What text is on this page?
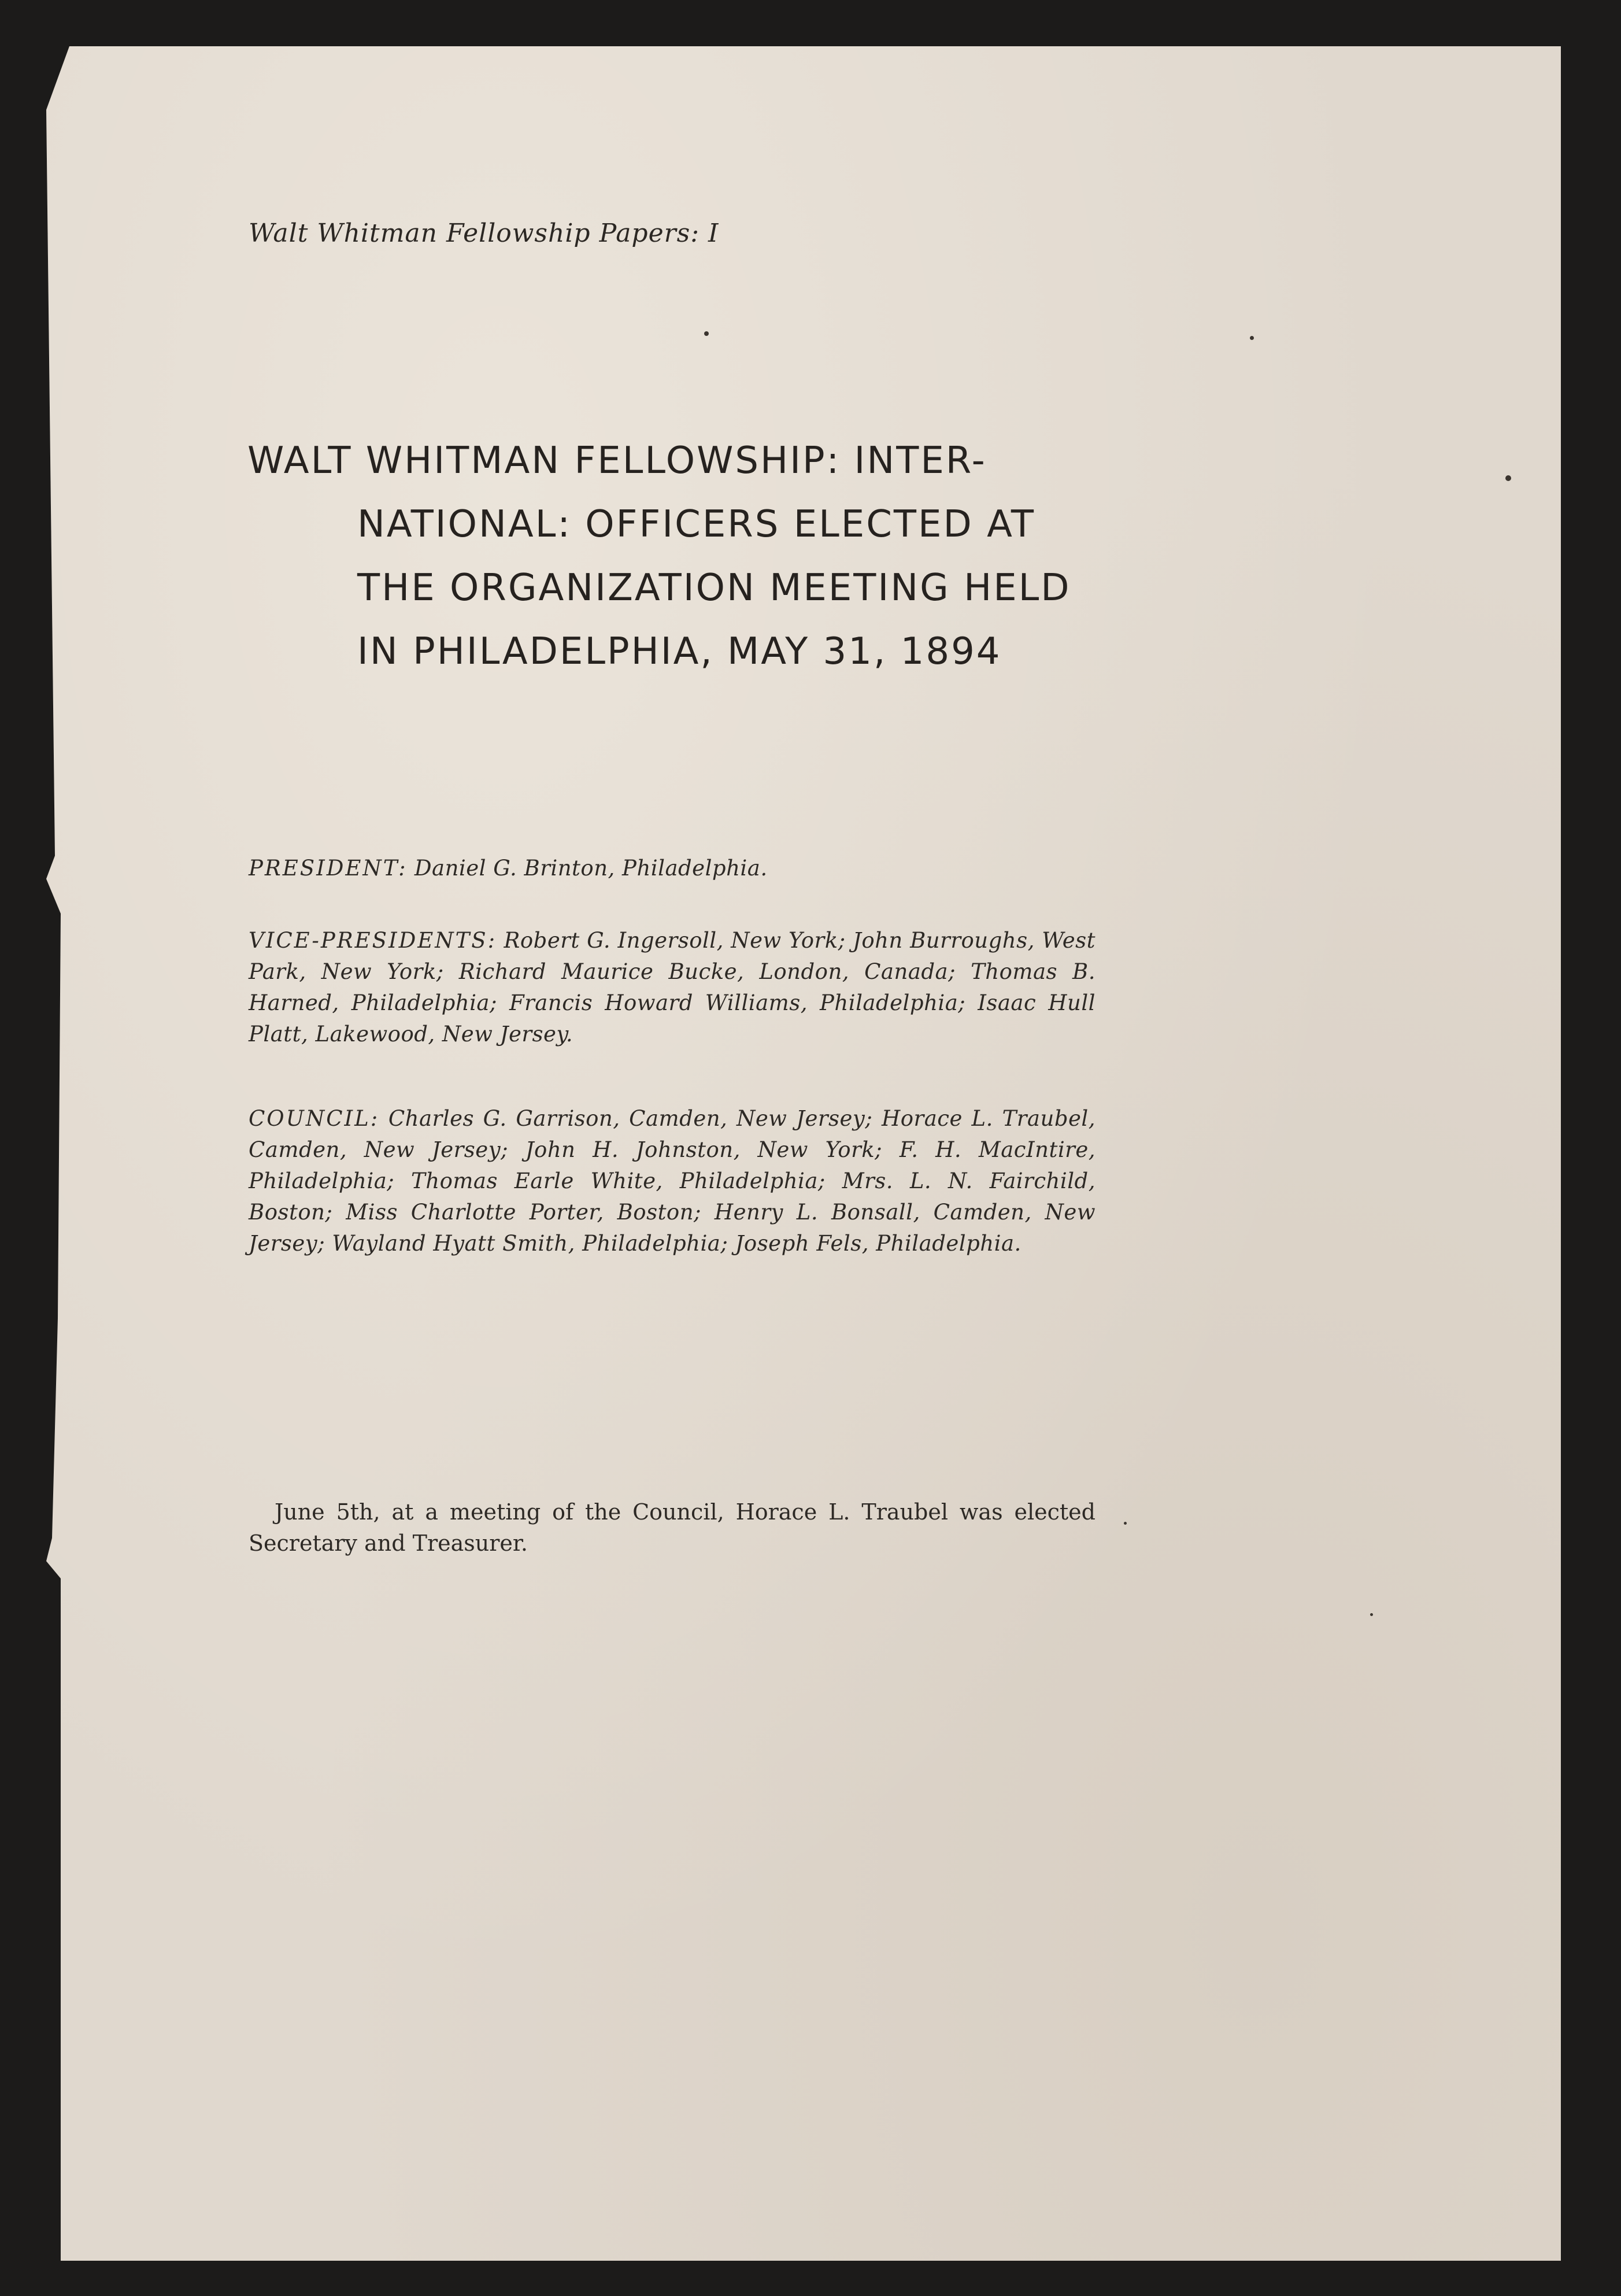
Walt Whitman Fellowship Papers: I
WALT WHITMAN FELLOWSHIP: INTER-
NATIONAL: OFFICERS ELECTED AT
THE ORGANIZATION MEETING HELD
IN PHILADELPHIA, MAY 31, 1894
PRESIDENT: Daniel G. Brinton, Philadelphia.
VICE-PRESIDENTS: Robert G. Ingersoll, New York; John Burroughs, West Park, New York; Richard Maurice Bucke, London, Canada; Thomas B. Harned, Philadelphia; Francis Howard Williams, Philadelphia; Isaac Hull Platt, Lakewood, New Jersey.
COUNCIL: Charles G. Garrison, Camden, New Jersey; Horace L. Traubel, Camden, New Jersey; John H. Johnston, New York; F. H. MacIntire, Philadelphia; Thomas Earle White, Philadelphia; Mrs. L. N. Fairchild, Boston; Miss Charlotte Porter, Boston; Henry L. Bonsall, Camden, New Jersey; Wayland Hyatt Smith, Philadelphia; Joseph Fels, Philadelphia.
June 5th, at a meeting of the Council, Horace L. Traubel was elected Secretary and Treasurer.
